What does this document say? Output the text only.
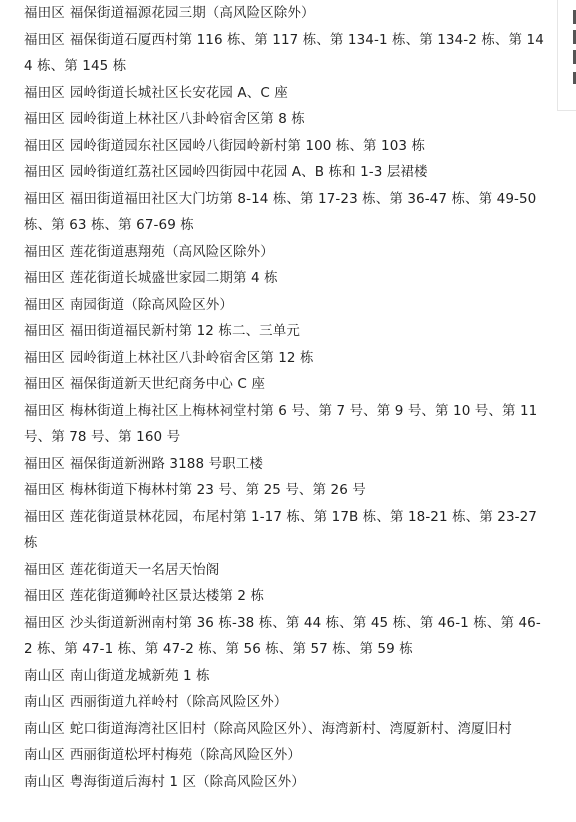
福田区 福保街道福源花园三期（高风险区除外）

福田区 福保街道石厦西村第 116 栋、第 117 栋、第 134-1 栋、第 134-2 栋、第 144 栋、第 145 栋

福田区 园岭街道长城社区长安花园 A、C 座

福田区 园岭街道上林社区八卦岭宿舍区第 8 栋

福田区 园岭街道园东社区园岭八街园岭新村第 100 栋、第 103 栋

福田区 园岭街道红荔社区园岭四街园中花园 A、B 栋和 1-3 层裙楼

福田区 福田街道福田社区大门坊第 8-14 栋、第 17-23 栋、第 36-47 栋、第 49-50 栋、第 63 栋、第 67-69 栋

福田区 莲花街道惠翔苑（高风险区除外）

福田区 莲花街道长城盛世家园二期第 4 栋

福田区 南园街道（除高风险区外）

福田区 福田街道福民新村第 12 栋二、三单元

福田区 园岭街道上林社区八卦岭宿舍区第 12 栋

福田区 福保街道新天世纪商务中心 C 座

福田区 梅林街道上梅社区上梅林祠堂村第 6 号、第 7 号、第 9 号、第 10 号、第 11 号、第 78 号、第 160 号

福田区 福保街道新洲路 3188 号职工楼

福田区 梅林街道下梅林村第 23 号、第 25 号、第 26 号

福田区 莲花街道景林花园，布尾村第 1-17 栋、第 17B 栋、第 18-21 栋、第 23-27 栋

福田区 莲花街道天一名居天怡阁

福田区 莲花街道狮岭社区景达楼第 2 栋

福田区 沙头街道新洲南村第 36 栋-38 栋、第 44 栋、第 45 栋、第 46-1 栋、第 46-2 栋、第 47-1 栋、第 47-2 栋、第 56 栋、第 57 栋、第 59 栋

南山区 南山街道龙城新苑 1 栋

南山区 西丽街道九祥岭村（除高风险区外）

南山区 蛇口街道海湾社区旧村（除高风险区外）、海湾新村、湾厦新村、湾厦旧村

南山区 西丽街道松坪村梅苑（除高风险区外）

南山区 粤海街道后海村 1 区（除高风险区外）
